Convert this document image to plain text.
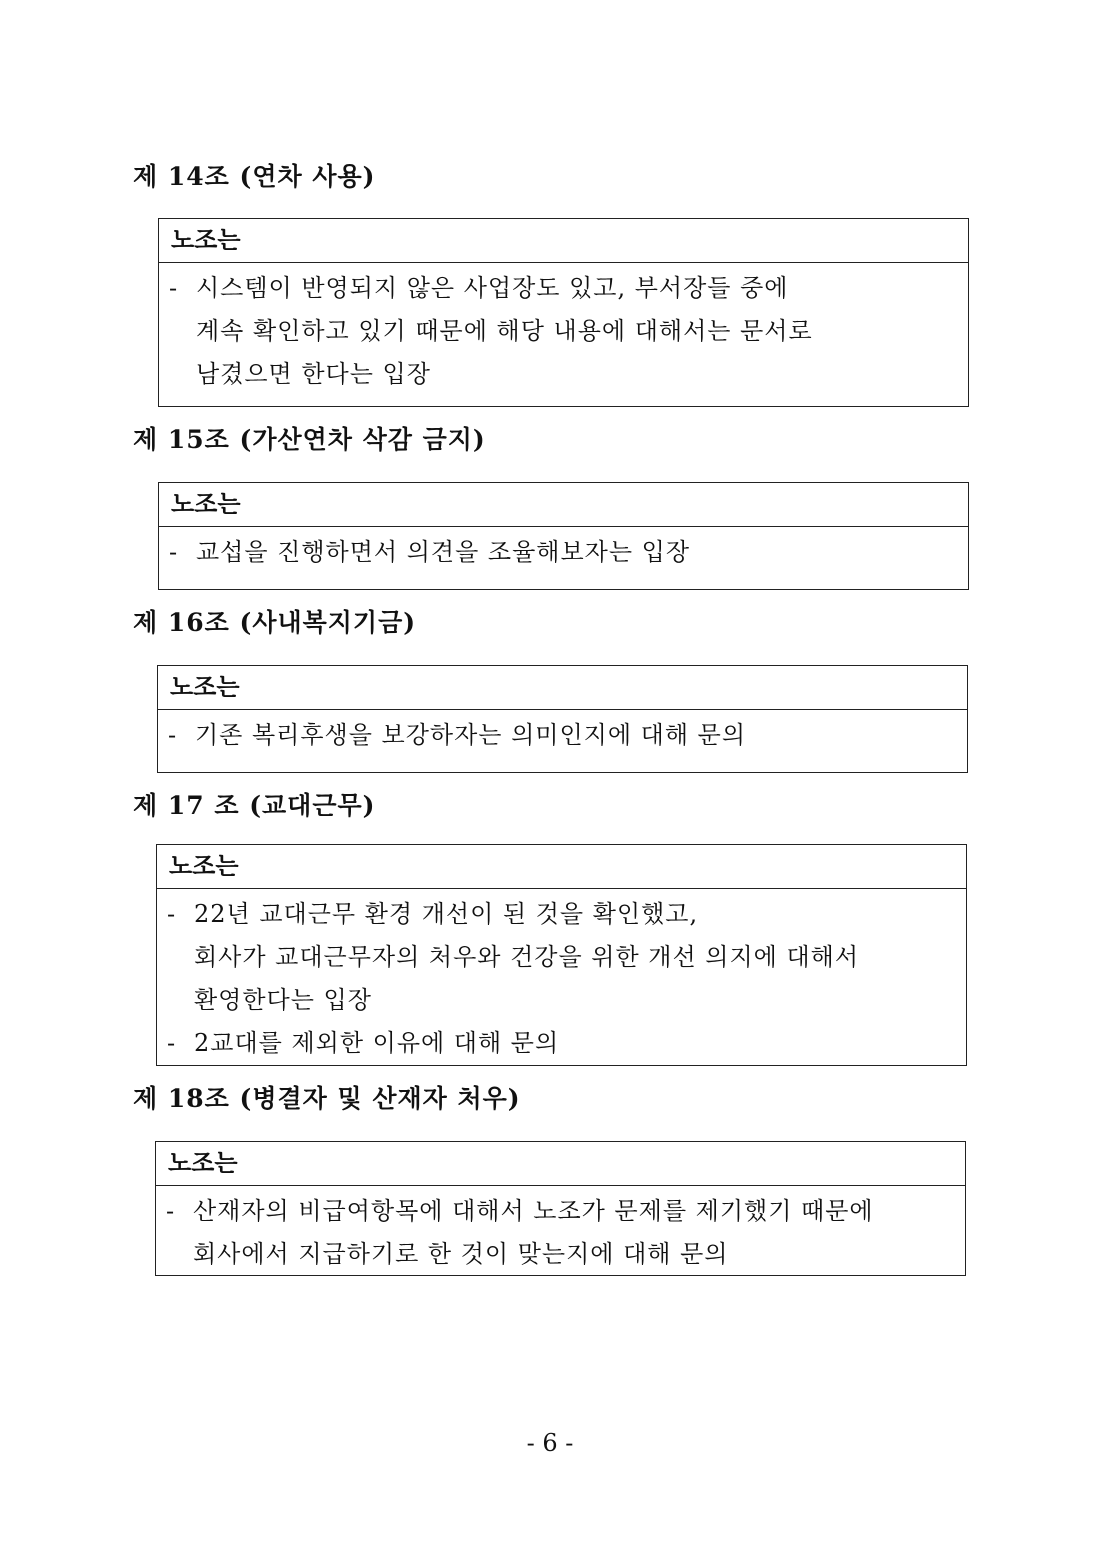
제 14조 (연차 사용)
노조는
- 시스템이 반영되지 않은 사업장도 있고, 부서장들 중에
계속 확인하고 있기 때문에 해당 내용에 대해서는 문서로
남겼으면 한다는 입장
제 15조 (가산연차 삭감 금지)
노조는
- 교섭을 진행하면서 의견을 조율해보자는 입장
제 16조 (사내복지기금)
노조는
- 기존 복리후생을 보강하자는 의미인지에 대해 문의
제 17 조 (교대근무)
노조는
- 22년 교대근무 환경 개선이 된 것을 확인했고,
회사가 교대근무자의 처우와 건강을 위한 개선 의지에 대해서
환영한다는 입장
- 2교대를 제외한 이유에 대해 문의
제 18조 (병결자 및 산재자 처우)
노조는
- 산재자의 비급여항목에 대해서 노조가 문제를 제기했기 때문에
회사에서 지급하기로 한 것이 맞는지에 대해 문의
- 6 -
